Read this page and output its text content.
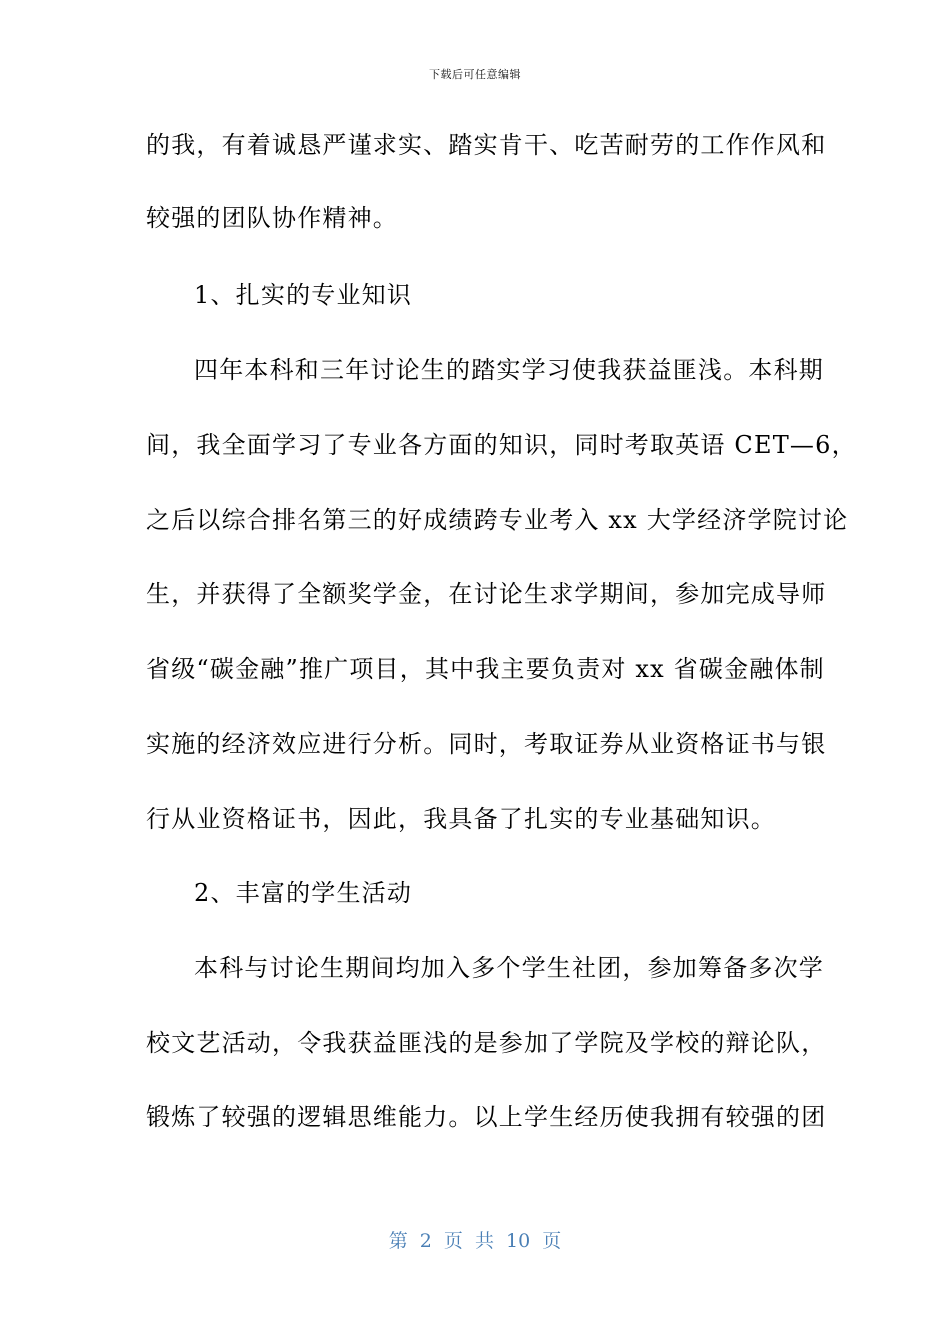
下载后可任意编辑
的我，有着诚恳严谨求实、踏实肯干、吃苦耐劳的工作作风和
较强的团队协作精神。
1、扎实的专业知识
四年本科和三年讨论生的踏实学习使我获益匪浅。本科期
间，我全面学习了专业各方面的知识，同时考取英语 CET—6，
之后以综合排名第三的好成绩跨专业考入 xx 大学经济学院讨论
生，并获得了全额奖学金，在讨论生求学期间，参加完成导师
省级“碳金融”推广项目，其中我主要负责对 xx 省碳金融体制
实施的经济效应进行分析。同时，考取证券从业资格证书与银
行从业资格证书，因此，我具备了扎实的专业基础知识。
2、丰富的学生活动
本科与讨论生期间均加入多个学生社团，参加筹备多次学
校文艺活动，令我获益匪浅的是参加了学院及学校的辩论队，
锻炼了较强的逻辑思维能力。以上学生经历使我拥有较强的团
第 2 页 共 10 页
